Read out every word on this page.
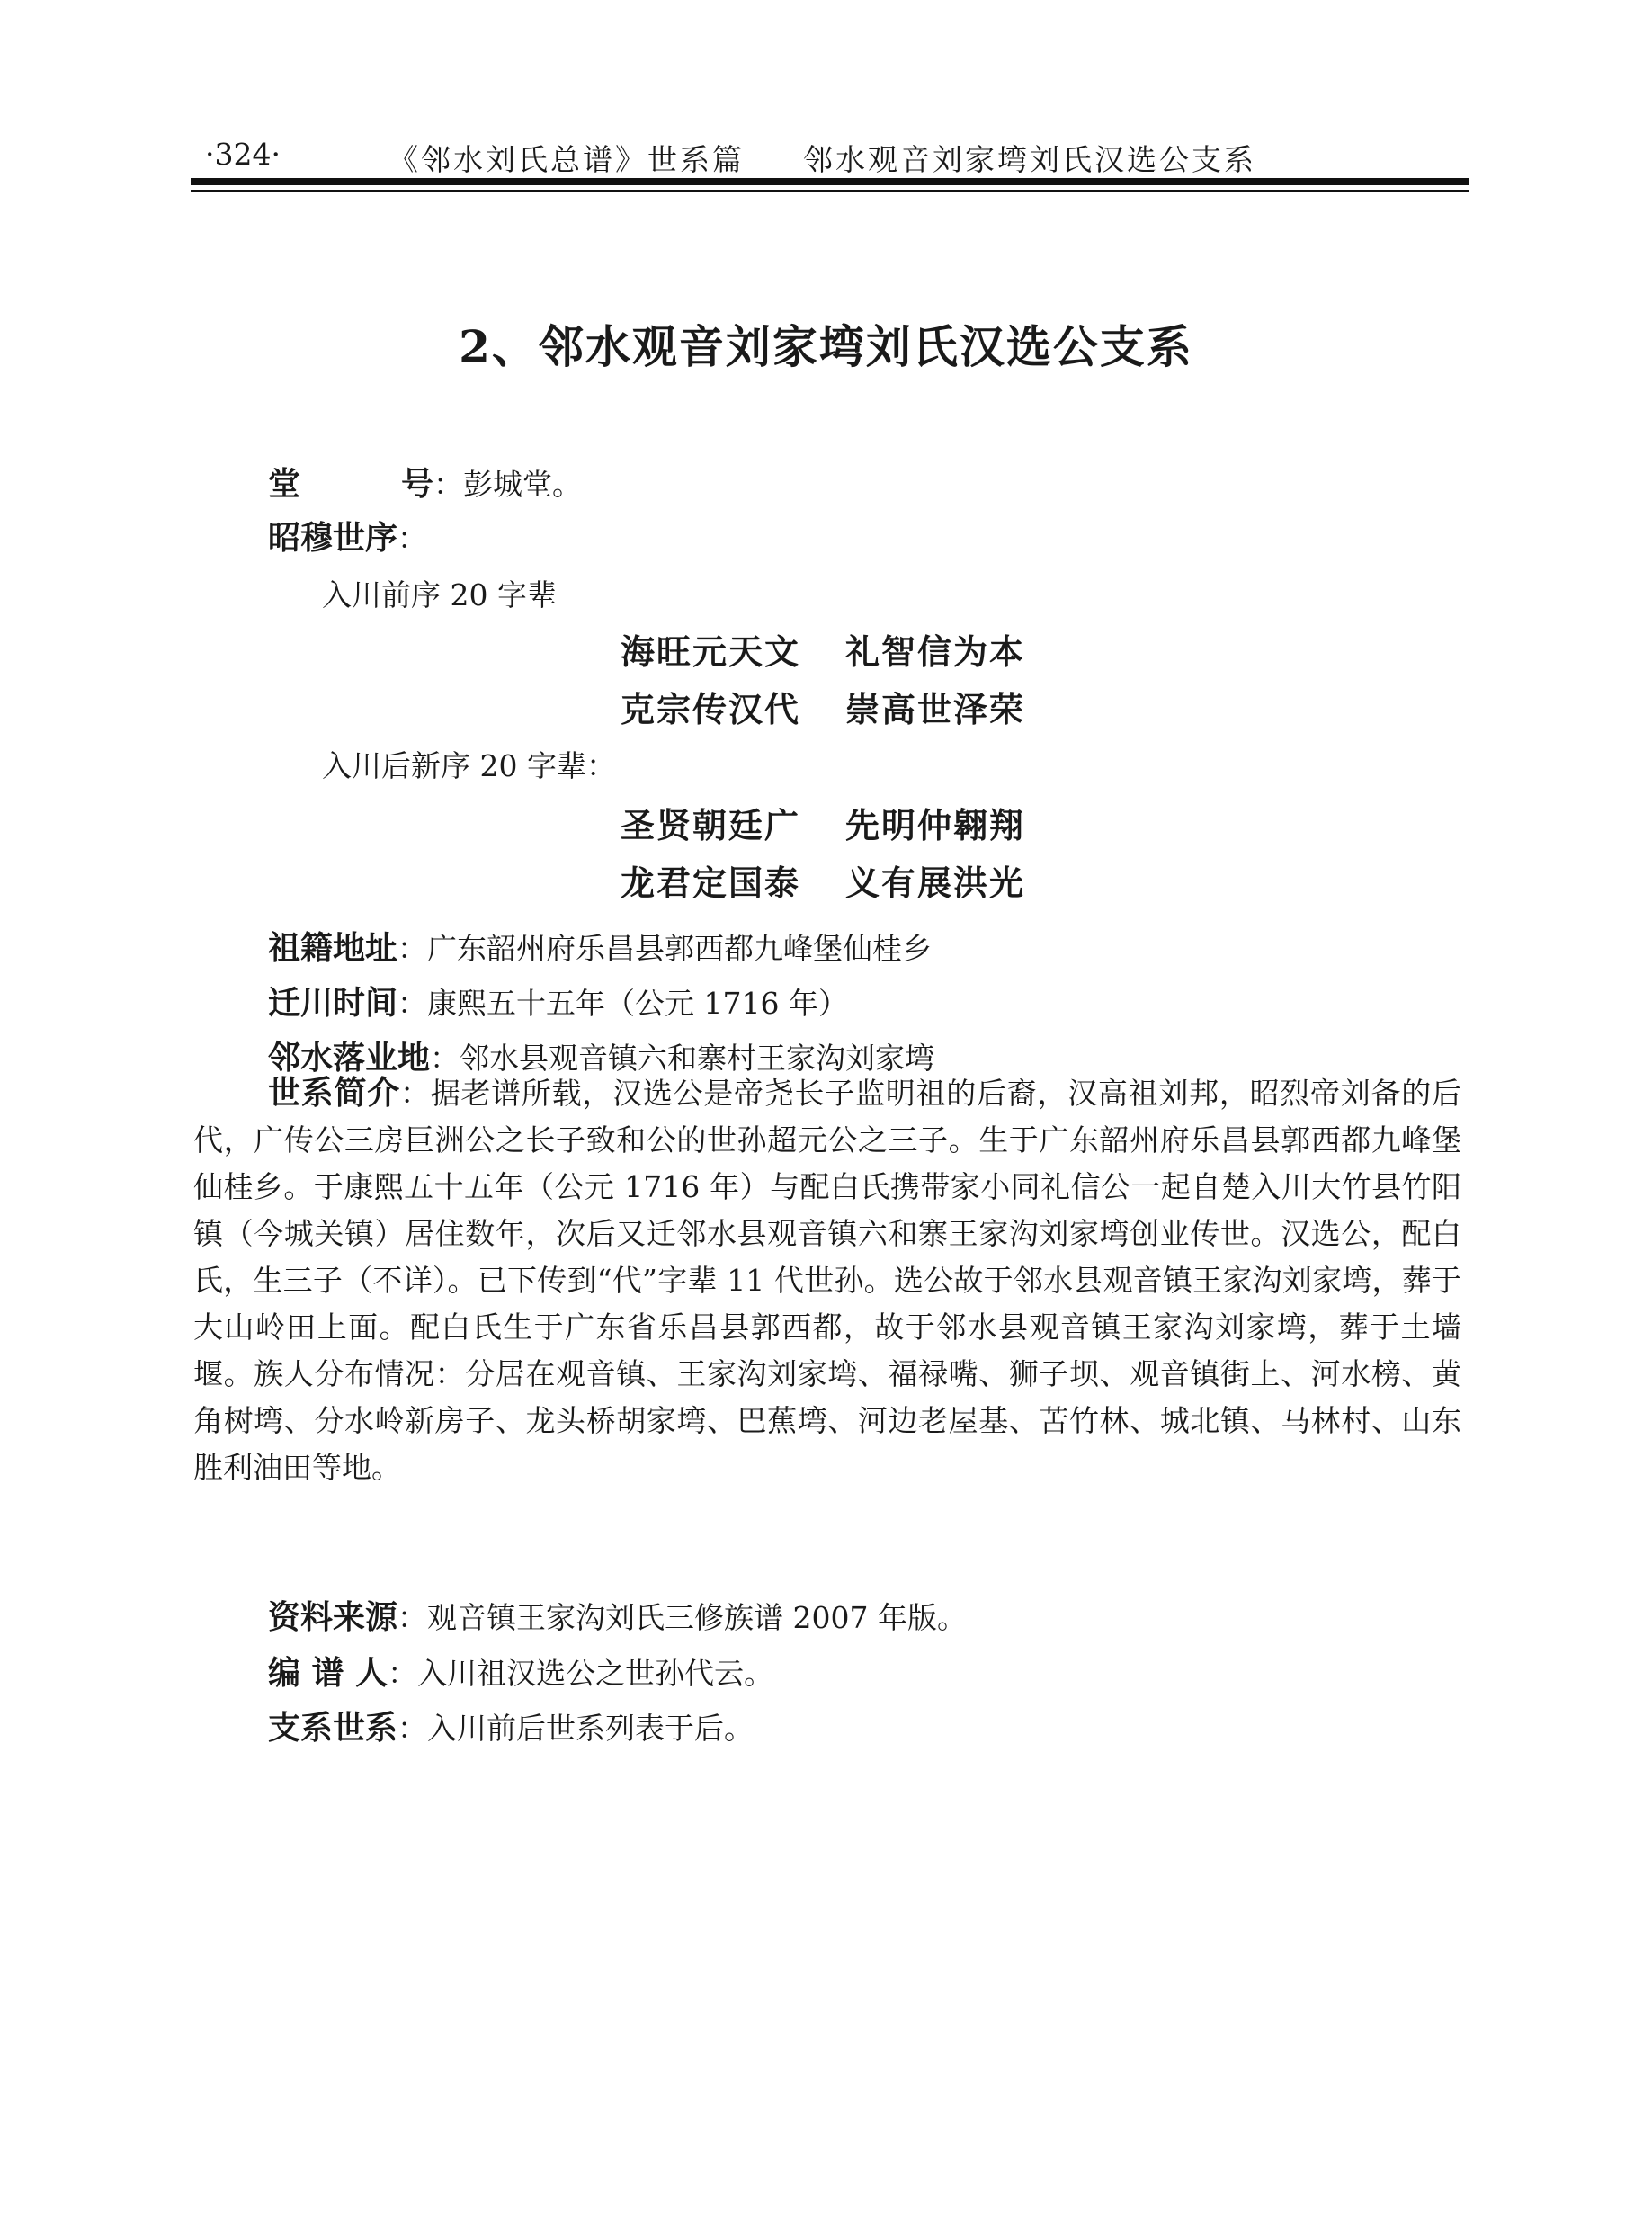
·324·	《邻水刘氏总谱》世系篇 邻水观音刘家塆刘氏汉选公支系
2、邻水观音刘家塆刘氏汉选公支系
堂	号：彭城堂。
昭穆世序：
入川前序 20 字辈
海旺元天文 礼智信为本
克宗传汉代 崇高世泽荣
入川后新序 20 字辈：
圣贤朝廷广 先明仲翱翔
龙君定国泰 义有展洪光
祖籍地址：广东韶州府乐昌县郭西都九峰堡仙桂乡
迁川时间：康熙五十五年（公元 1716 年）
邻水落业地：邻水县观音镇六和寨村王家沟刘家塆

世系简介：据老谱所载，汉选公是帝尧长子监明祖的后裔，汉高祖刘邦，昭烈帝刘备的后代，广传公三房巨洲公之长子致和公的世孙超元公之三子。生于广东韶州府乐昌县郭西都九峰堡仙桂乡。于康熙五十五年（公元 1716 年）与配白氏携带家小同礼信公一起自楚入川大竹县竹阳镇（今城关镇）居住数年，次后又迁邻水县观音镇六和寨王家沟刘家塆创业传世。汉选公，配白氏，生三子（不详）。已下传到“代”字辈 11 代世孙。选公故于邻水县观音镇王家沟刘家塆，葬于大山岭田上面。配白氏生于广东省乐昌县郭西都，故于邻水县观音镇王家沟刘家塆，葬于土墙堰。族人分布情况：分居在观音镇、王家沟刘家塆、福禄嘴、狮子坝、观音镇街上、河水榜、黄角树塆、分水岭新房子、龙头桥胡家塆、巴蕉塆、河边老屋基、苦竹林、城北镇、马林村、山东胜利油田等地。

资料来源：观音镇王家沟刘氏三修族谱 2007 年版。
编 谱 人：入川祖汉选公之世孙代云。
支系世系：入川前后世系列表于后。
